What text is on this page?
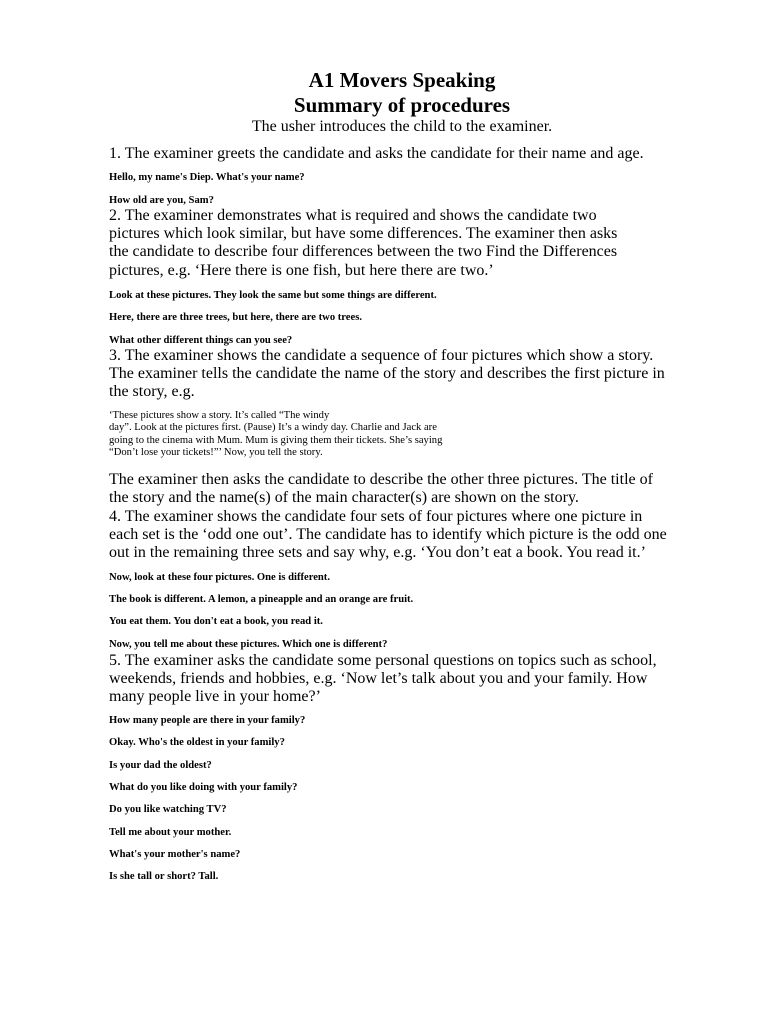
A1 Movers Speaking
Summary of procedures

The usher introduces the child to the examiner.

1. The examiner greets the candidate and asks the candidate for their name and age.

Hello, my name's Diep. What's your name?

How old are you, Sam?

2. The examiner demonstrates what is required and shows the candidate two
pictures which look similar, but have some differences. The examiner then asks
the candidate to describe four differences between the two Find the Differences
pictures, e.g. ‘Here there is one fish, but here there are two.’

Look at these pictures. They look the same but some things are different.

Here, there are three trees, but here, there are two trees.

What other different things can you see?

3. The examiner shows the candidate a sequence of four pictures which show a story.
The examiner tells the candidate the name of the story and describes the first picture in
the story, e.g.

‘These pictures show a story. It’s called “The windy
day”. Look at the pictures first. (Pause) It’s a windy day. Charlie and Jack are
going to the cinema with Mum. Mum is giving them their tickets. She’s saying
“Don’t lose your tickets!”’ Now, you tell the story.

The examiner then asks the candidate to describe the other three pictures. The title of
the story and the name(s) of the main character(s) are shown on the story.

4. The examiner shows the candidate four sets of four pictures where one picture in
each set is the ‘odd one out’. The candidate has to identify which picture is the odd one
out in the remaining three sets and say why, e.g. ‘You don’t eat a book. You read it.’

Now, look at these four pictures. One is different.

The book is different. A lemon, a pineapple and an orange are fruit.

You eat them. You don't eat a book, you read it.

Now, you tell me about these pictures. Which one is different?

5. The examiner asks the candidate some personal questions on topics such as school,
weekends, friends and hobbies, e.g. ‘Now let’s talk about you and your family. How
many people live in your home?’

How many people are there in your family?

Okay. Who's the oldest in your family?

Is your dad the oldest?

What do you like doing with your family?

Do you like watching TV?

Tell me about your mother.

What's your mother's name?

Is she tall or short? Tall.
